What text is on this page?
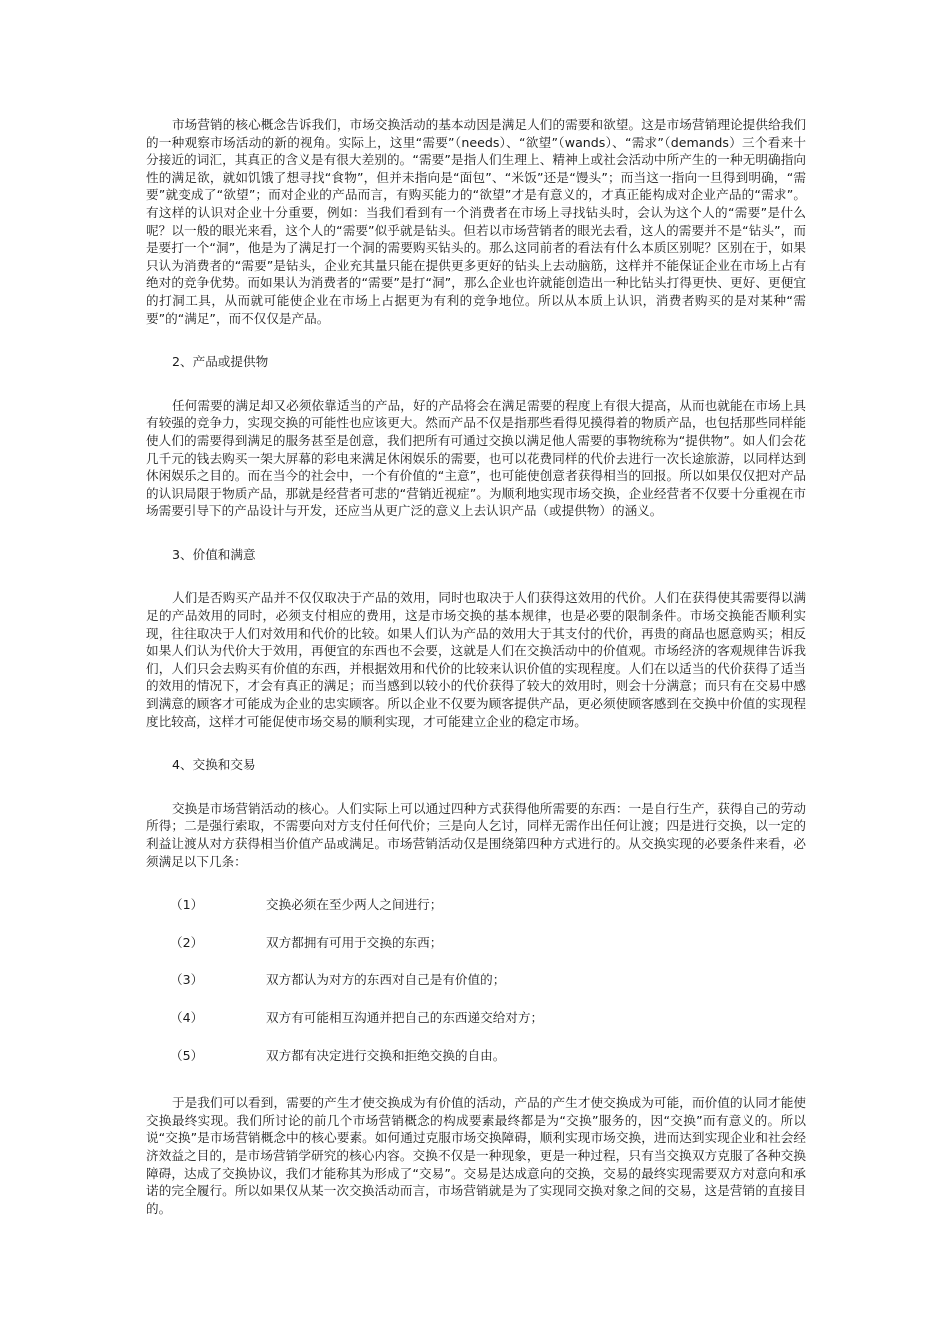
市场营销的核心概念告诉我们，市场交换活动的基本动因是满足人们的需要和欲望。这是市场营销理论提供给我们的一种观察市场活动的新的视角。实际上，这里“需要”（needs）、“欲望”（wands）、“需求”（demands）三个看来十分接近的词汇，其真正的含义是有很大差别的。“需要”是指人们生理上、精神上或社会活动中所产生的一种无明确指向性的满足欲，就如饥饿了想寻找“食物”，但并未指向是“面包”、“米饭”还是“馒头”；而当这一指向一旦得到明确，“需要”就变成了“欲望”；而对企业的产品而言，有购买能力的“欲望”才是有意义的，才真正能构成对企业产品的“需求”。有这样的认识对企业十分重要，例如：当我们看到有一个消费者在市场上寻找钻头时，会认为这个人的“需要”是什么呢？以一般的眼光来看，这个人的“需要”似乎就是钻头。但若以市场营销者的眼光去看，这人的需要并不是“钻头”，而是要打一个“洞”，他是为了满足打一个洞的需要购买钻头的。那么这同前者的看法有什么本质区别呢？区别在于，如果只认为消费者的“需要”是钻头，企业充其量只能在提供更多更好的钻头上去动脑筋，这样并不能保证企业在市场上占有绝对的竞争优势。而如果认为消费者的“需要”是打“洞”，那么企业也许就能创造出一种比钻头打得更快、更好、更便宜的打洞工具，从而就可能使企业在市场上占据更为有利的竞争地位。所以从本质上认识，消费者购买的是对某种“需要”的“满足”，而不仅仅是产品。

2、产品或提供物

任何需要的满足却又必须依靠适当的产品，好的产品将会在满足需要的程度上有很大提高，从而也就能在市场上具有较强的竞争力，实现交换的可能性也应该更大。然而产品不仅是指那些看得见摸得着的物质产品，也包括那些同样能使人们的需要得到满足的服务甚至是创意，我们把所有可通过交换以满足他人需要的事物统称为“提供物”。如人们会花几千元的钱去购买一架大屏幕的彩电来满足休闲娱乐的需要，也可以花费同样的代价去进行一次长途旅游，以同样达到休闲娱乐之目的。而在当今的社会中，一个有价值的“主意”，也可能使创意者获得相当的回报。所以如果仅仅把对产品的认识局限于物质产品，那就是经营者可悲的“营销近视症”。为顺利地实现市场交换，企业经营者不仅要十分重视在市场需要引导下的产品设计与开发，还应当从更广泛的意义上去认识产品（或提供物）的涵义。

3、价值和满意

人们是否购买产品并不仅仅取决于产品的效用，同时也取决于人们获得这效用的代价。人们在获得使其需要得以满足的产品效用的同时，必须支付相应的费用，这是市场交换的基本规律，也是必要的限制条件。市场交换能否顺利实现，往往取决于人们对效用和代价的比较。如果人们认为产品的效用大于其支付的代价，再贵的商品也愿意购买；相反如果人们认为代价大于效用，再便宜的东西也不会要，这就是人们在交换活动中的价值观。市场经济的客观规律告诉我们，人们只会去购买有价值的东西，并根据效用和代价的比较来认识价值的实现程度。人们在以适当的代价获得了适当的效用的情况下，才会有真正的满足；而当感到以较小的代价获得了较大的效用时，则会十分满意；而只有在交易中感到满意的顾客才可能成为企业的忠实顾客。所以企业不仅要为顾客提供产品，更必须使顾客感到在交换中价值的实现程度比较高，这样才可能促使市场交易的顺利实现，才可能建立企业的稳定市场。

4、交换和交易

交换是市场营销活动的核心。人们实际上可以通过四种方式获得他所需要的东西：一是自行生产，获得自己的劳动所得；二是强行索取，不需要向对方支付任何代价；三是向人乞讨，同样无需作出任何让渡；四是进行交换，以一定的利益让渡从对方获得相当价值产品或满足。市场营销活动仅是围绕第四种方式进行的。从交换实现的必要条件来看，必须满足以下几条：

（1）	交换必须在至少两人之间进行；
（2）	双方都拥有可用于交换的东西；
（3）	双方都认为对方的东西对自己是有价值的；
（4）	双方有可能相互沟通并把自己的东西递交给对方；
（5）	双方都有决定进行交换和拒绝交换的自由。

于是我们可以看到，需要的产生才使交换成为有价值的活动，产品的产生才使交换成为可能，而价值的认同才能使交换最终实现。我们所讨论的前几个市场营销概念的构成要素最终都是为“交换”服务的，因“交换”而有意义的。所以说“交换”是市场营销概念中的核心要素。如何通过克服市场交换障碍，顺利实现市场交换，进而达到实现企业和社会经济效益之目的，是市场营销学研究的核心内容。交换不仅是一种现象，更是一种过程，只有当交换双方克服了各种交换障碍，达成了交换协议，我们才能称其为形成了“交易”。交易是达成意向的交换，交易的最终实现需要双方对意向和承诺的完全履行。所以如果仅从某一次交换活动而言，市场营销就是为了实现同交换对象之间的交易，这是营销的直接目的。
